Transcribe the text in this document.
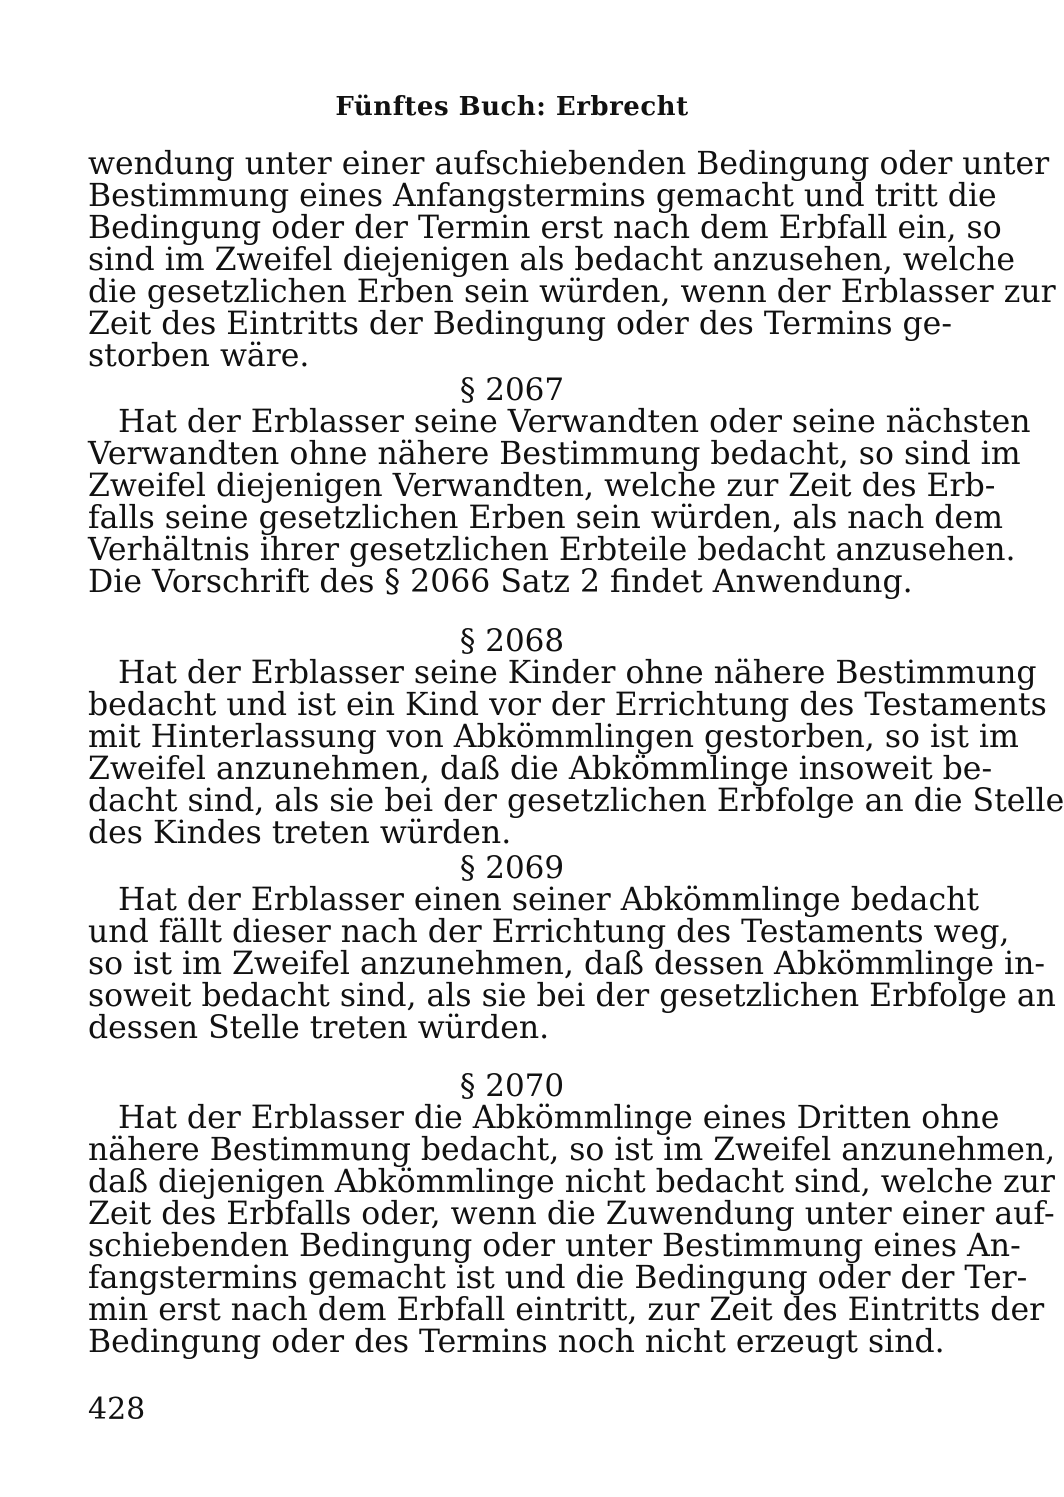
Fünftes Buch: Erbrecht
wendung unter einer aufschiebenden Bedingung oder unter
Bestimmung eines Anfangstermins gemacht und tritt die
Bedingung oder der Termin erst nach dem Erbfall ein, so
sind im Zweifel diejenigen als bedacht anzusehen, welche
die gesetzlichen Erben sein würden, wenn der Erblasser zur
Zeit des Eintritts der Bedingung oder des Termins ge-
storben wäre.
§ 2067
Hat der Erblasser seine Verwandten oder seine nächsten
Verwandten ohne nähere Bestimmung bedacht, so sind im
Zweifel diejenigen Verwandten, welche zur Zeit des Erb-
falls seine gesetzlichen Erben sein würden, als nach dem
Verhältnis ihrer gesetzlichen Erbteile bedacht anzusehen.
Die Vorschrift des § 2066 Satz 2 findet Anwendung.
§ 2068
Hat der Erblasser seine Kinder ohne nähere Bestimmung
bedacht und ist ein Kind vor der Errichtung des Testaments
mit Hinterlassung von Abkömmlingen gestorben, so ist im
Zweifel anzunehmen, daß die Abkömmlinge insoweit be-
dacht sind, als sie bei der gesetzlichen Erbfolge an die Stelle
des Kindes treten würden.
§ 2069
Hat der Erblasser einen seiner Abkömmlinge bedacht
und fällt dieser nach der Errichtung des Testaments weg,
so ist im Zweifel anzunehmen, daß dessen Abkömmlinge in-
soweit bedacht sind, als sie bei der gesetzlichen Erbfolge an
dessen Stelle treten würden.
§ 2070
Hat der Erblasser die Abkömmlinge eines Dritten ohne
nähere Bestimmung bedacht, so ist im Zweifel anzunehmen,
daß diejenigen Abkömmlinge nicht bedacht sind, welche zur
Zeit des Erbfalls oder, wenn die Zuwendung unter einer auf-
schiebenden Bedingung oder unter Bestimmung eines An-
fangstermins gemacht ist und die Bedingung oder der Ter-
min erst nach dem Erbfall eintritt, zur Zeit des Eintritts der
Bedingung oder des Termins noch nicht erzeugt sind.
428
